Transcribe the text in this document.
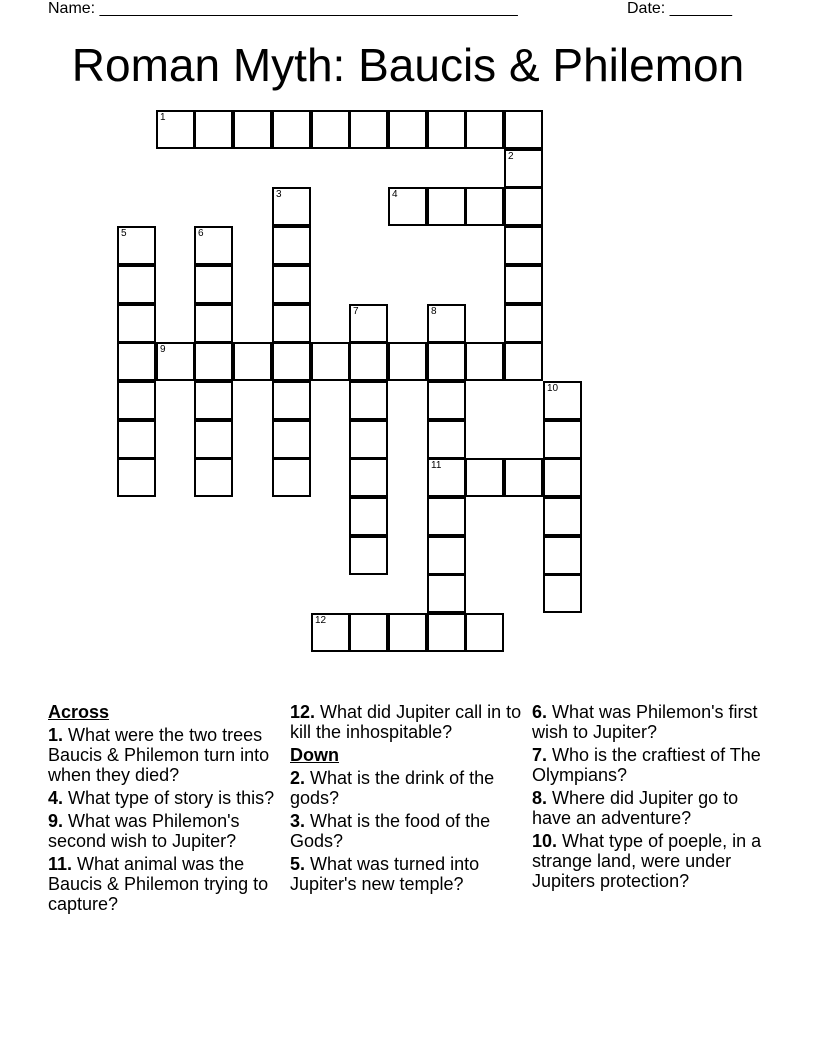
Name: _______________________________________________	Date: _______
Roman Myth: Baucis & Philemon
1
2
3	4
5	6
7	8
9
10
11
12

Across

1. What were the two trees Baucis & Philemon turn into when they died?

4. What type of story is this?

9. What was Philemon's second wish to Jupiter?

11. What animal was the Baucis & Philemon trying to capture?

12. What did Jupiter call in to kill the inhospitable?

Down

2. What is the drink of the gods?

3. What is the food of the Gods?

5. What was turned into Jupiter's new temple?

6. What was Philemon's first wish to Jupiter?

7. Who is the craftiest of The Olympians?

8. Where did Jupiter go to have an adventure?

10. What type of poeple, in a strange land, were under Jupiters protection?
